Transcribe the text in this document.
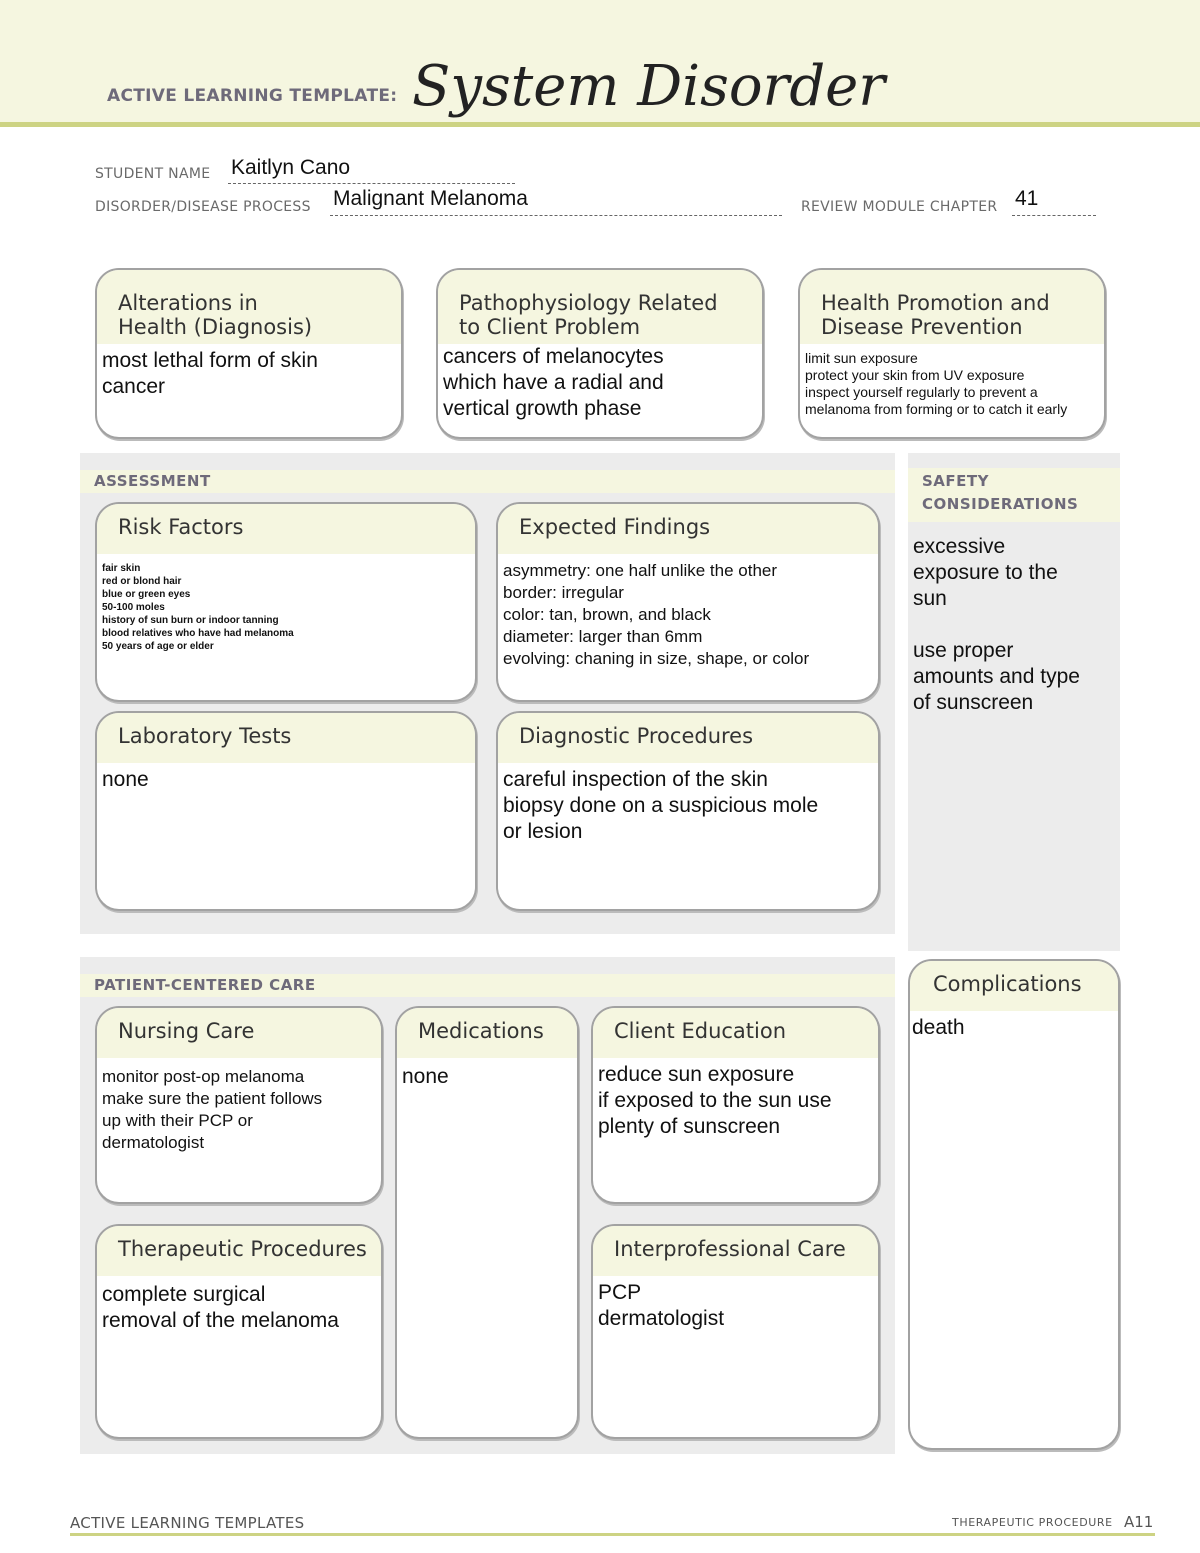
ACTIVE LEARNING TEMPLATE: System Disorder
STUDENT NAME Kaitlyn Cano
DISORDER/DISEASE PROCESS Malignant Melanoma	REVIEW MODULE CHAPTER 41
Alterations in
Health (Diagnosis)
most lethal form of skin
cancer
Pathophysiology Related
to Client Problem
cancers of melanocytes
which have a radial and
vertical growth phase
Health Promotion and
Disease Prevention
limit sun exposure
protect your skin from UV exposure
inspect yourself regularly to prevent a
melanoma from forming or to catch it early
ASSESSMENT
Risk Factors
fair skin
red or blond hair
blue or green eyes
50-100 moles
history of sun burn or indoor tanning
blood relatives who have had melanoma
50 years of age or elder
Expected Findings
asymmetry: one half unlike the other
border: irregular
color: tan, brown, and black
diameter: larger than 6mm
evolving: chaning in size, shape, or color
Laboratory Tests
none
Diagnostic Procedures
careful inspection of the skin
biopsy done on a suspicious mole
or lesion
SAFETY
CONSIDERATIONS
excessive
exposure to the
sun

use proper
amounts and type
of sunscreen
PATIENT-CENTERED CARE
Nursing Care
monitor post-op melanoma
make sure the patient follows
up with their PCP or
dermatologist
Medications
none
Client Education
reduce sun exposure
if exposed to the sun use
plenty of sunscreen
Therapeutic Procedures
complete surgical
removal of the melanoma
Interprofessional Care
PCP
dermatologist
Complications
death
ACTIVE LEARNING TEMPLATES	THERAPEUTIC PROCEDURE A11
